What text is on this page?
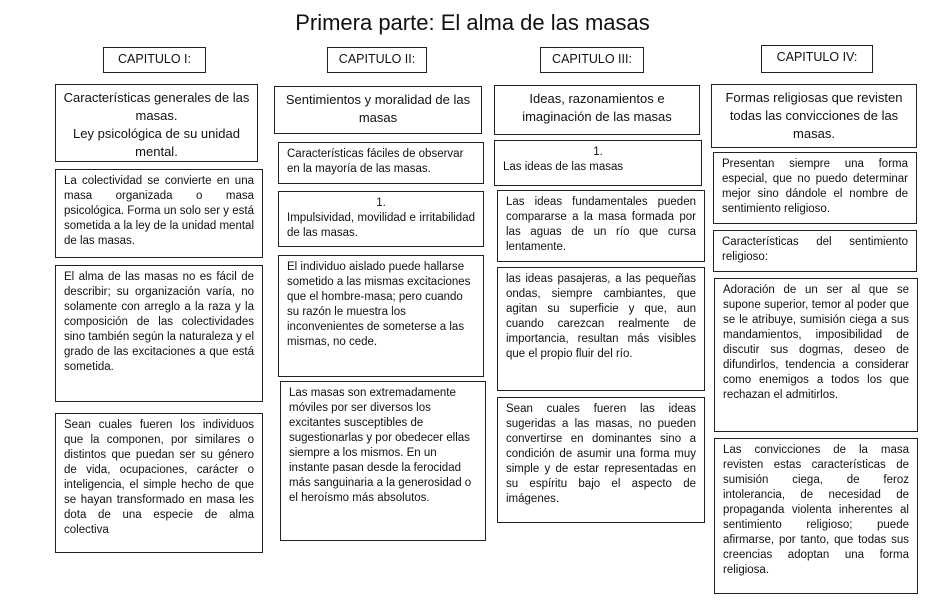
Primera parte: El alma de las masas
CAPITULO I:
Características generales de las masas.
Ley psicológica de su unidad mental.
La colectividad se convierte en una masa organizada o masa psicológica. Forma un solo ser y está sometida a la ley de la unidad mental de las masas.
El alma de las masas no es fácil de describir; su organización varía, no solamente con arreglo a la raza y la composición de las colectividades sino también según la naturaleza y el grado de las excitaciones a que está sometida.
Sean cuales fueren los individuos que la componen, por similares o distintos que puedan ser su género de vida, ocupaciones, carácter o inteligencia, el simple hecho de que se hayan transformado en masa les dota de una especie de alma colectiva
CAPITULO II:
Sentimientos y moralidad de las masas
Características fáciles de observar en la mayoría de las masas.
1.
Impulsividad, movilidad e irritabilidad de las masas.
El individuo aislado puede hallarse sometido a las mismas excitaciones que el hombre-masa; pero cuando su razón le muestra los inconvenientes de someterse a las mismas, no cede.
Las masas son extremadamente móviles por ser diversos los excitantes susceptibles de sugestionarlas y por obedecer ellas siempre a los mismos. En un instante pasan desde la ferocidad más sanguinaria a la generosidad o el heroísmo más absolutos.
CAPITULO III:
Ideas, razonamientos e imaginación de las masas
1.
Las ideas de las masas
Las ideas fundamentales pueden compararse a la masa formada por las aguas de un río que cursa lentamente.
las ideas pasajeras, a las pequeñas ondas, siempre cambiantes, que agitan su superficie y que, aun cuando carezcan realmente de importancia, resultan más visibles que el propio fluir del río.
Sean cuales fueren las ideas sugeridas a las masas, no pueden convertirse en dominantes sino a condición de asumir una forma muy simple y de estar representadas en su espíritu bajo el aspecto de imágenes.
CAPITULO IV:
Formas religiosas que revisten todas las convicciones de las masas.
Presentan siempre una forma especial, que no puedo determinar mejor sino dándole el nombre de sentimiento religioso.
Características del sentimiento religioso:
Adoración de un ser al que se supone superior, temor al poder que se le atribuye, sumisión ciega a sus mandamientos, imposibilidad de discutir sus dogmas, deseo de difundirlos, tendencia a considerar como enemigos a todos los que rechazan el admitirlos.
Las convicciones de la masa revisten estas características de sumisión ciega, de feroz intolerancia, de necesidad de propaganda violenta inherentes al sentimiento religioso; puede afirmarse, por tanto, que todas sus creencias adoptan una forma religiosa.
